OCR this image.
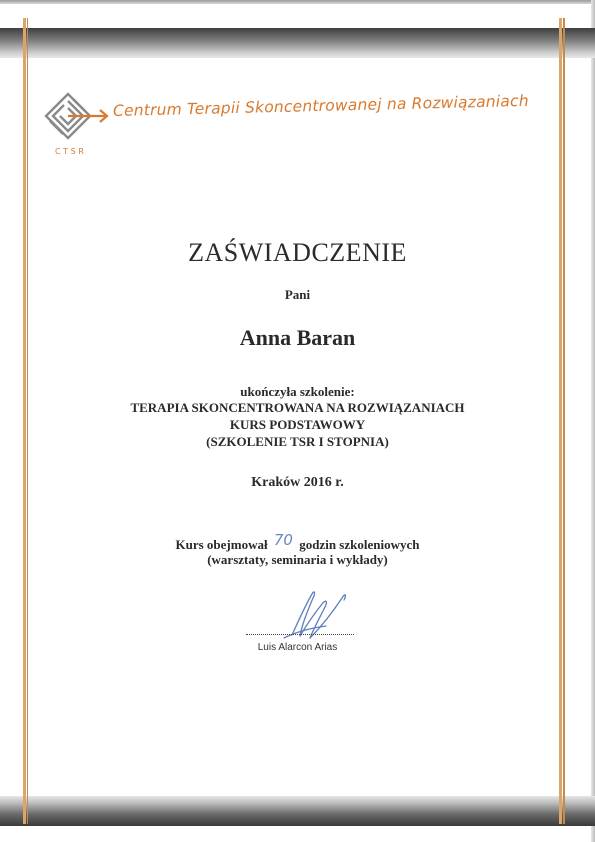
Centrum Terapii Skoncentrowanej na Rozwiązaniach
CTSR
ZAŚWIADCZENIE
Pani
Anna Baran
ukończyła szkolenie:
TERAPIA SKONCENTROWANA NA ROZWIĄZANIACH
KURS PODSTAWOWY
(SZKOLENIE TSR I STOPNIA)
Kraków 2016 r.
Kurs obejmował 70 godzin szkoleniowych
(warsztaty, seminaria i wykłady)
Luis Alarcon Arias
